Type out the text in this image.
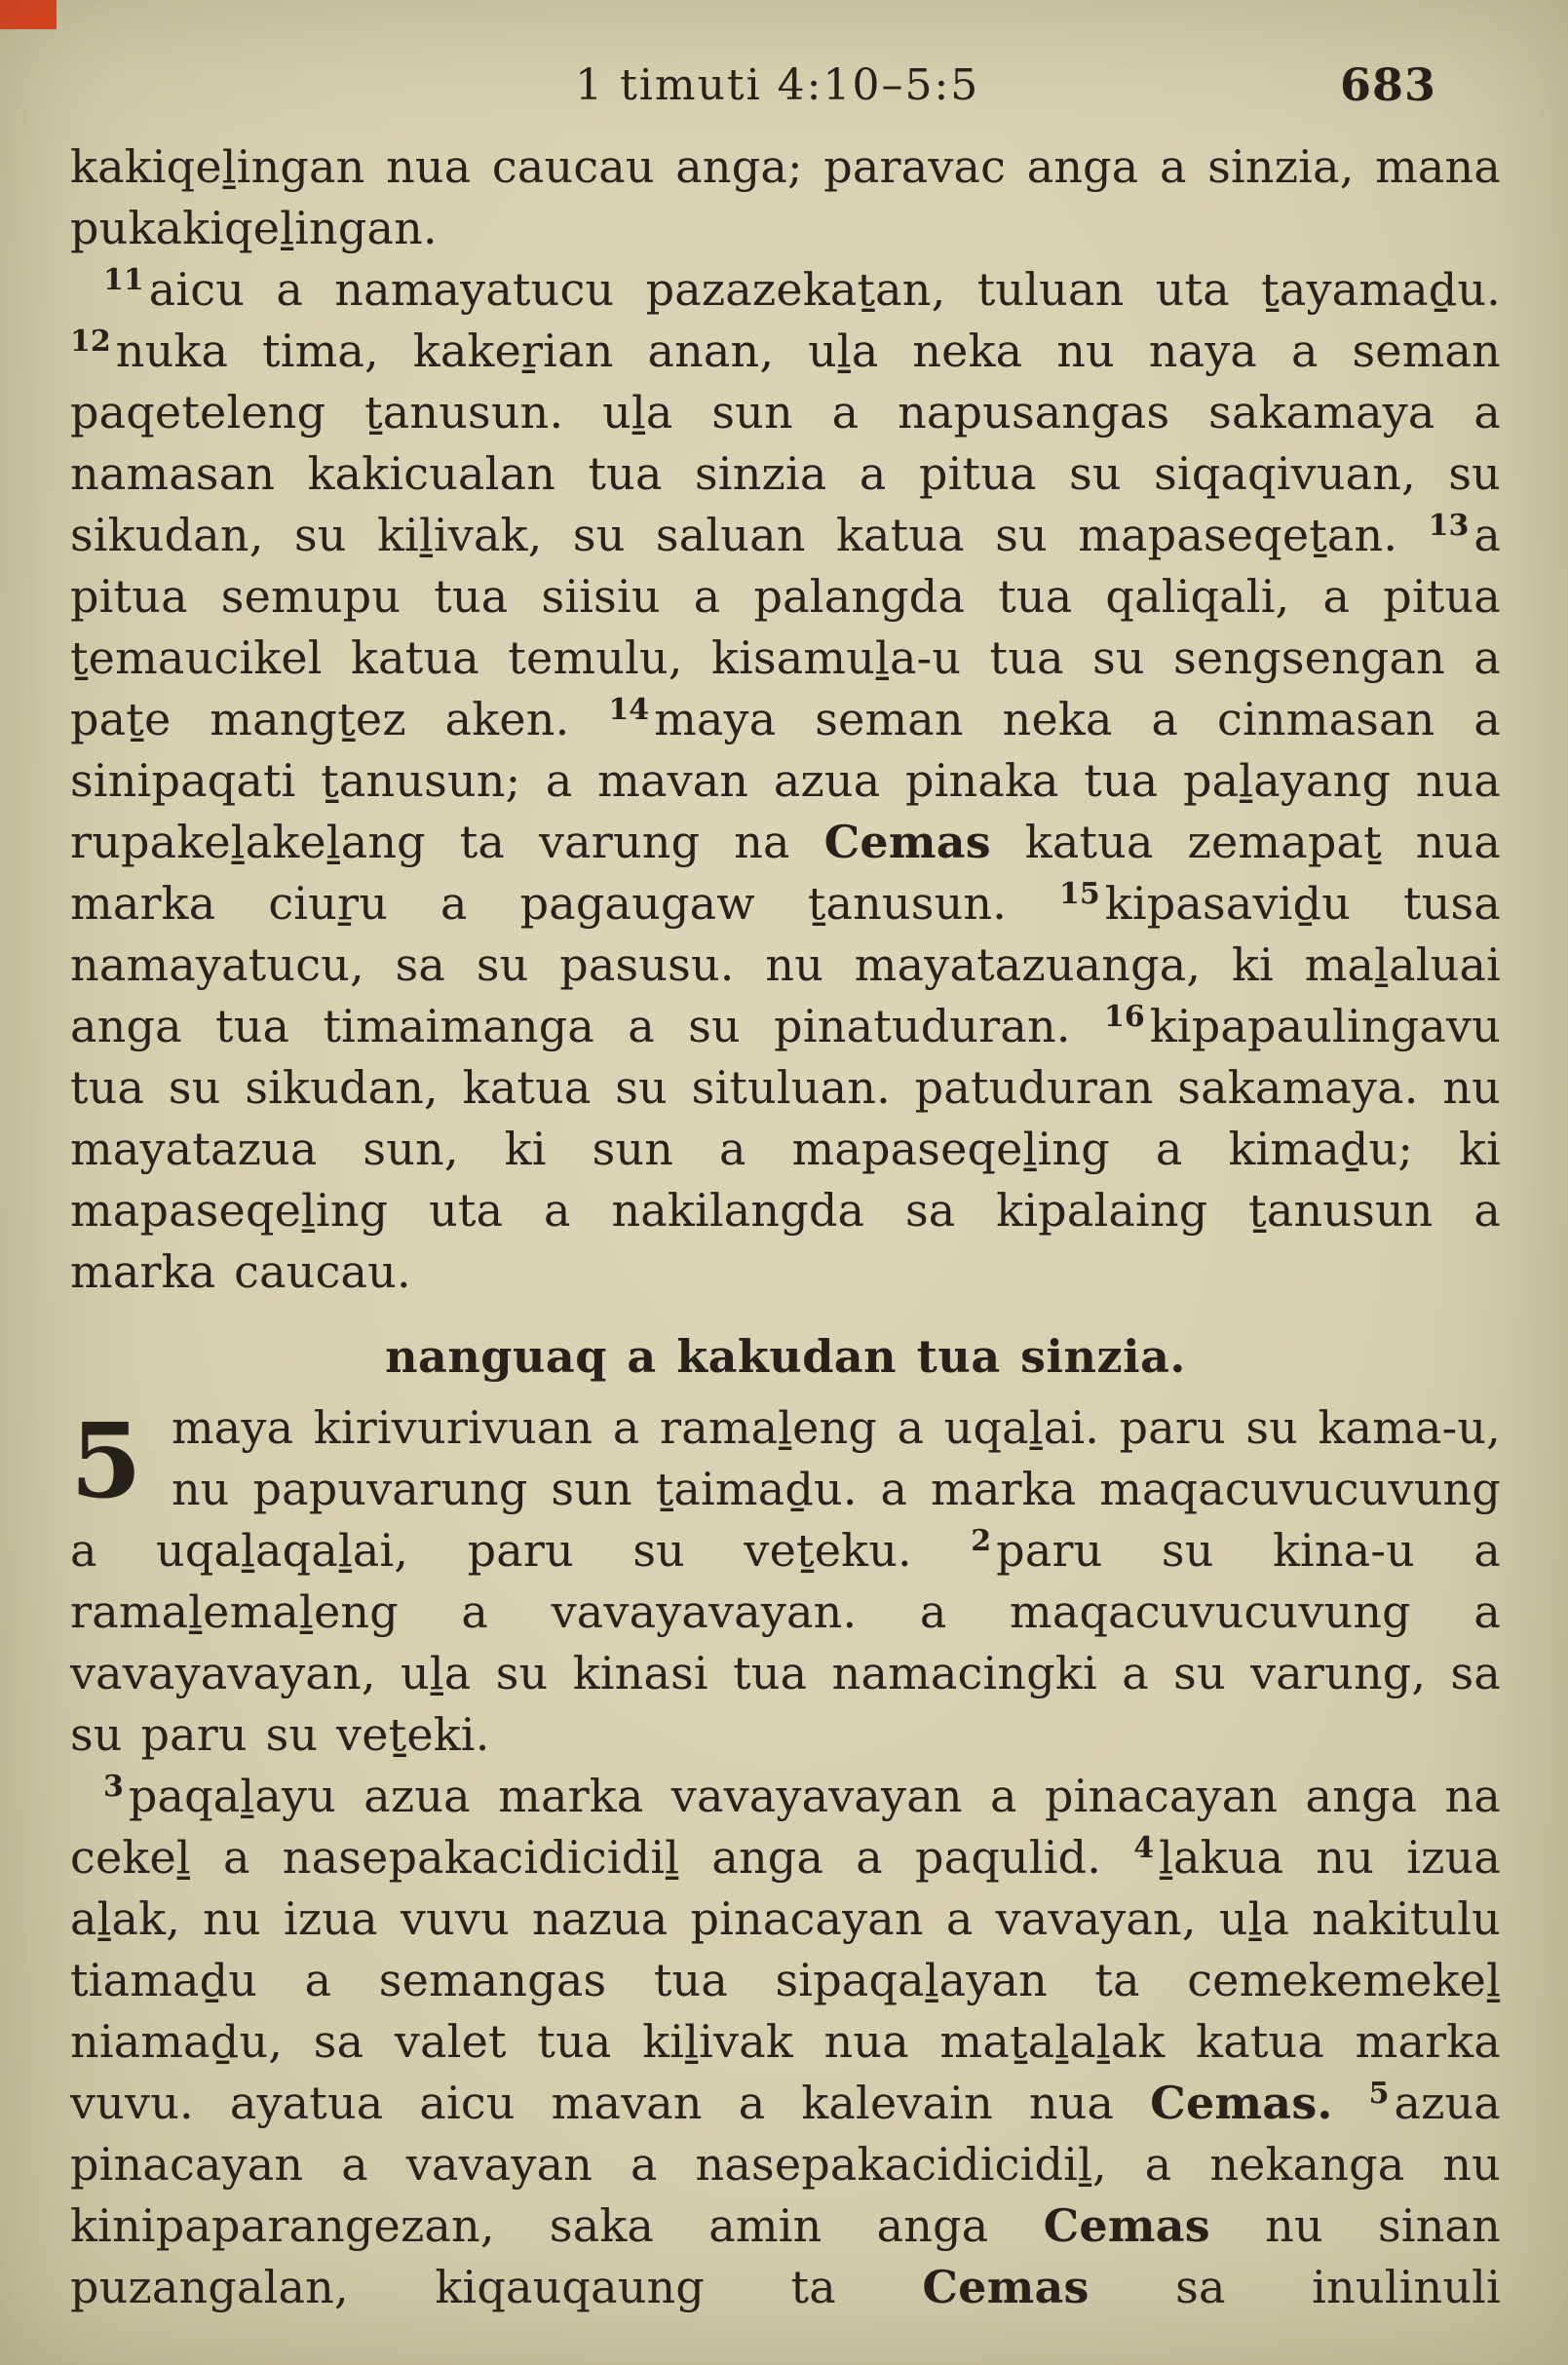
1 timuti 4:10–5:5	683

kakiqeḻingan nua caucau anga; paravac anga a sinzia, mana pukakiqeḻingan.

$^{11}$ aicu a namayatucu pazazekaṯan, tuluan uta ṯayamaḏu. $^{12}$ nuka tima, kakeṟian anan, uḻa neka nu naya a seman paqeteleng ṯanusun. uḻa sun a napusangas sakamaya a namasan kakicualan tua sinzia a pitua su siqaqivuan, su sikudan, su kiḻivak, su saluan katua su mapaseqeṯan. $^{13}$ a pitua semupu tua siisiu a palangda tua qaliqali, a pitua ṯemaucikel katua temulu, kisamuḻa-u tua su sengsengan a paṯe mangṯez aken. $^{14}$ maya seman neka a cinmasan a sinipaqati ṯanusun; a mavan azua pinaka tua paḻayang nua rupakeḻakeḻang ta varung na Cemas katua zemapaṯ nua marka ciuṟu a pagaugaw ṯanusun. $^{15}$ kipasaviḏu tusa namayatucu, sa su pasusu. nu mayatazuanga, ki maḻaluai anga tua timaimanga a su pinatuduran. $^{16}$ kipapaulingavu tua su sikudan, katua su situluan. patuduran sakamaya. nu mayatazua sun, ki sun a mapaseqeḻing a kimaḏu; ki mapaseqeḻing uta a nakilangda sa kipalaing ṯanusun a marka caucau.

nanguaq a kakudan tua sinzia.

5 maya kirivurivuan a ramaḻeng a uqaḻai. paru su kama-u, nu papuvarung sun ṯaimaḏu. a marka maqacuvucuvung a uqaḻaqaḻai, paru su veṯeku. $^2$ paru su kina-u a ramaḻemaḻeng a vavayavayan. a maqacuvucuvung a vavayavayan, uḻa su kinasi tua namacingki a su varung, sa su paru su veṯeki.

$^3$ paqaḻayu azua marka vavayavayan a pinacayan anga na cekeḻ a nasepakacidicidiḻ anga a paqulid. $^4$ ḻakua nu izua aḻak, nu izua vuvu nazua pinacayan a vavayan, uḻa nakitulu tiamaḏu a semangas tua sipaqaḻayan ta cemekemekeḻ niamaḏu, sa valet tua kiḻivak nua maṯaḻaḻak katua marka vuvu. ayatua aicu mavan a kalevain nua Cemas. $^5$ azua pinacayan a vavayan a nasepakacidicidiḻ, a nekanga nu kinipaparangezan, saka amin anga Cemas nu sinan puzangalan, kiqauqaung ta Cemas sa inulinuli
